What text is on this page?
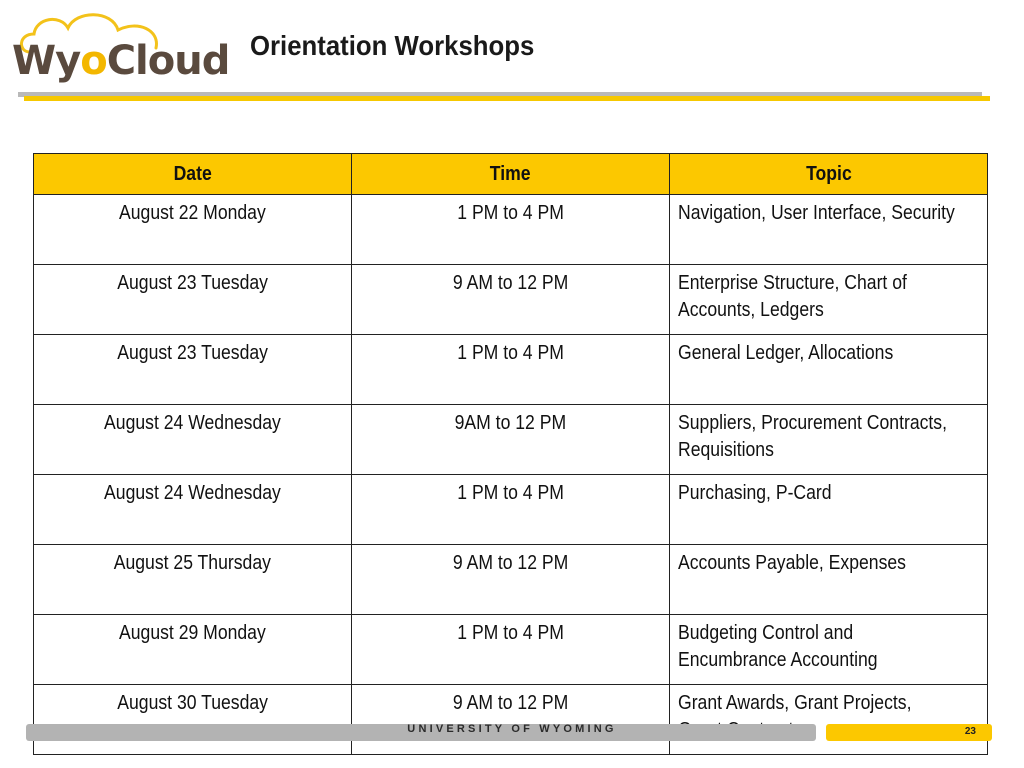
WyoCloud Orientation Workshops
Date	Time	Topic
August 22 Monday	1 PM to 4 PM	Navigation, User Interface, Security
August 23 Tuesday	9 AM to 12 PM	Enterprise Structure, Chart of
Accounts, Ledgers
August 23 Tuesday	1 PM to 4 PM	General Ledger, Allocations
August 24 Wednesday	9AM to 12 PM	Suppliers, Procurement Contracts,
Requisitions
August 24 Wednesday	1 PM to 4 PM	Purchasing, P-Card
August 25 Thursday	9 AM to 12 PM	Accounts Payable, Expenses
August 29 Monday	1 PM to 4 PM	Budgeting Control and
Encumbrance Accounting
August 30 Tuesday	9 AM to 12 PM	Grant Awards, Grant Projects,

UNIVERSITY OF WYOMING	23
